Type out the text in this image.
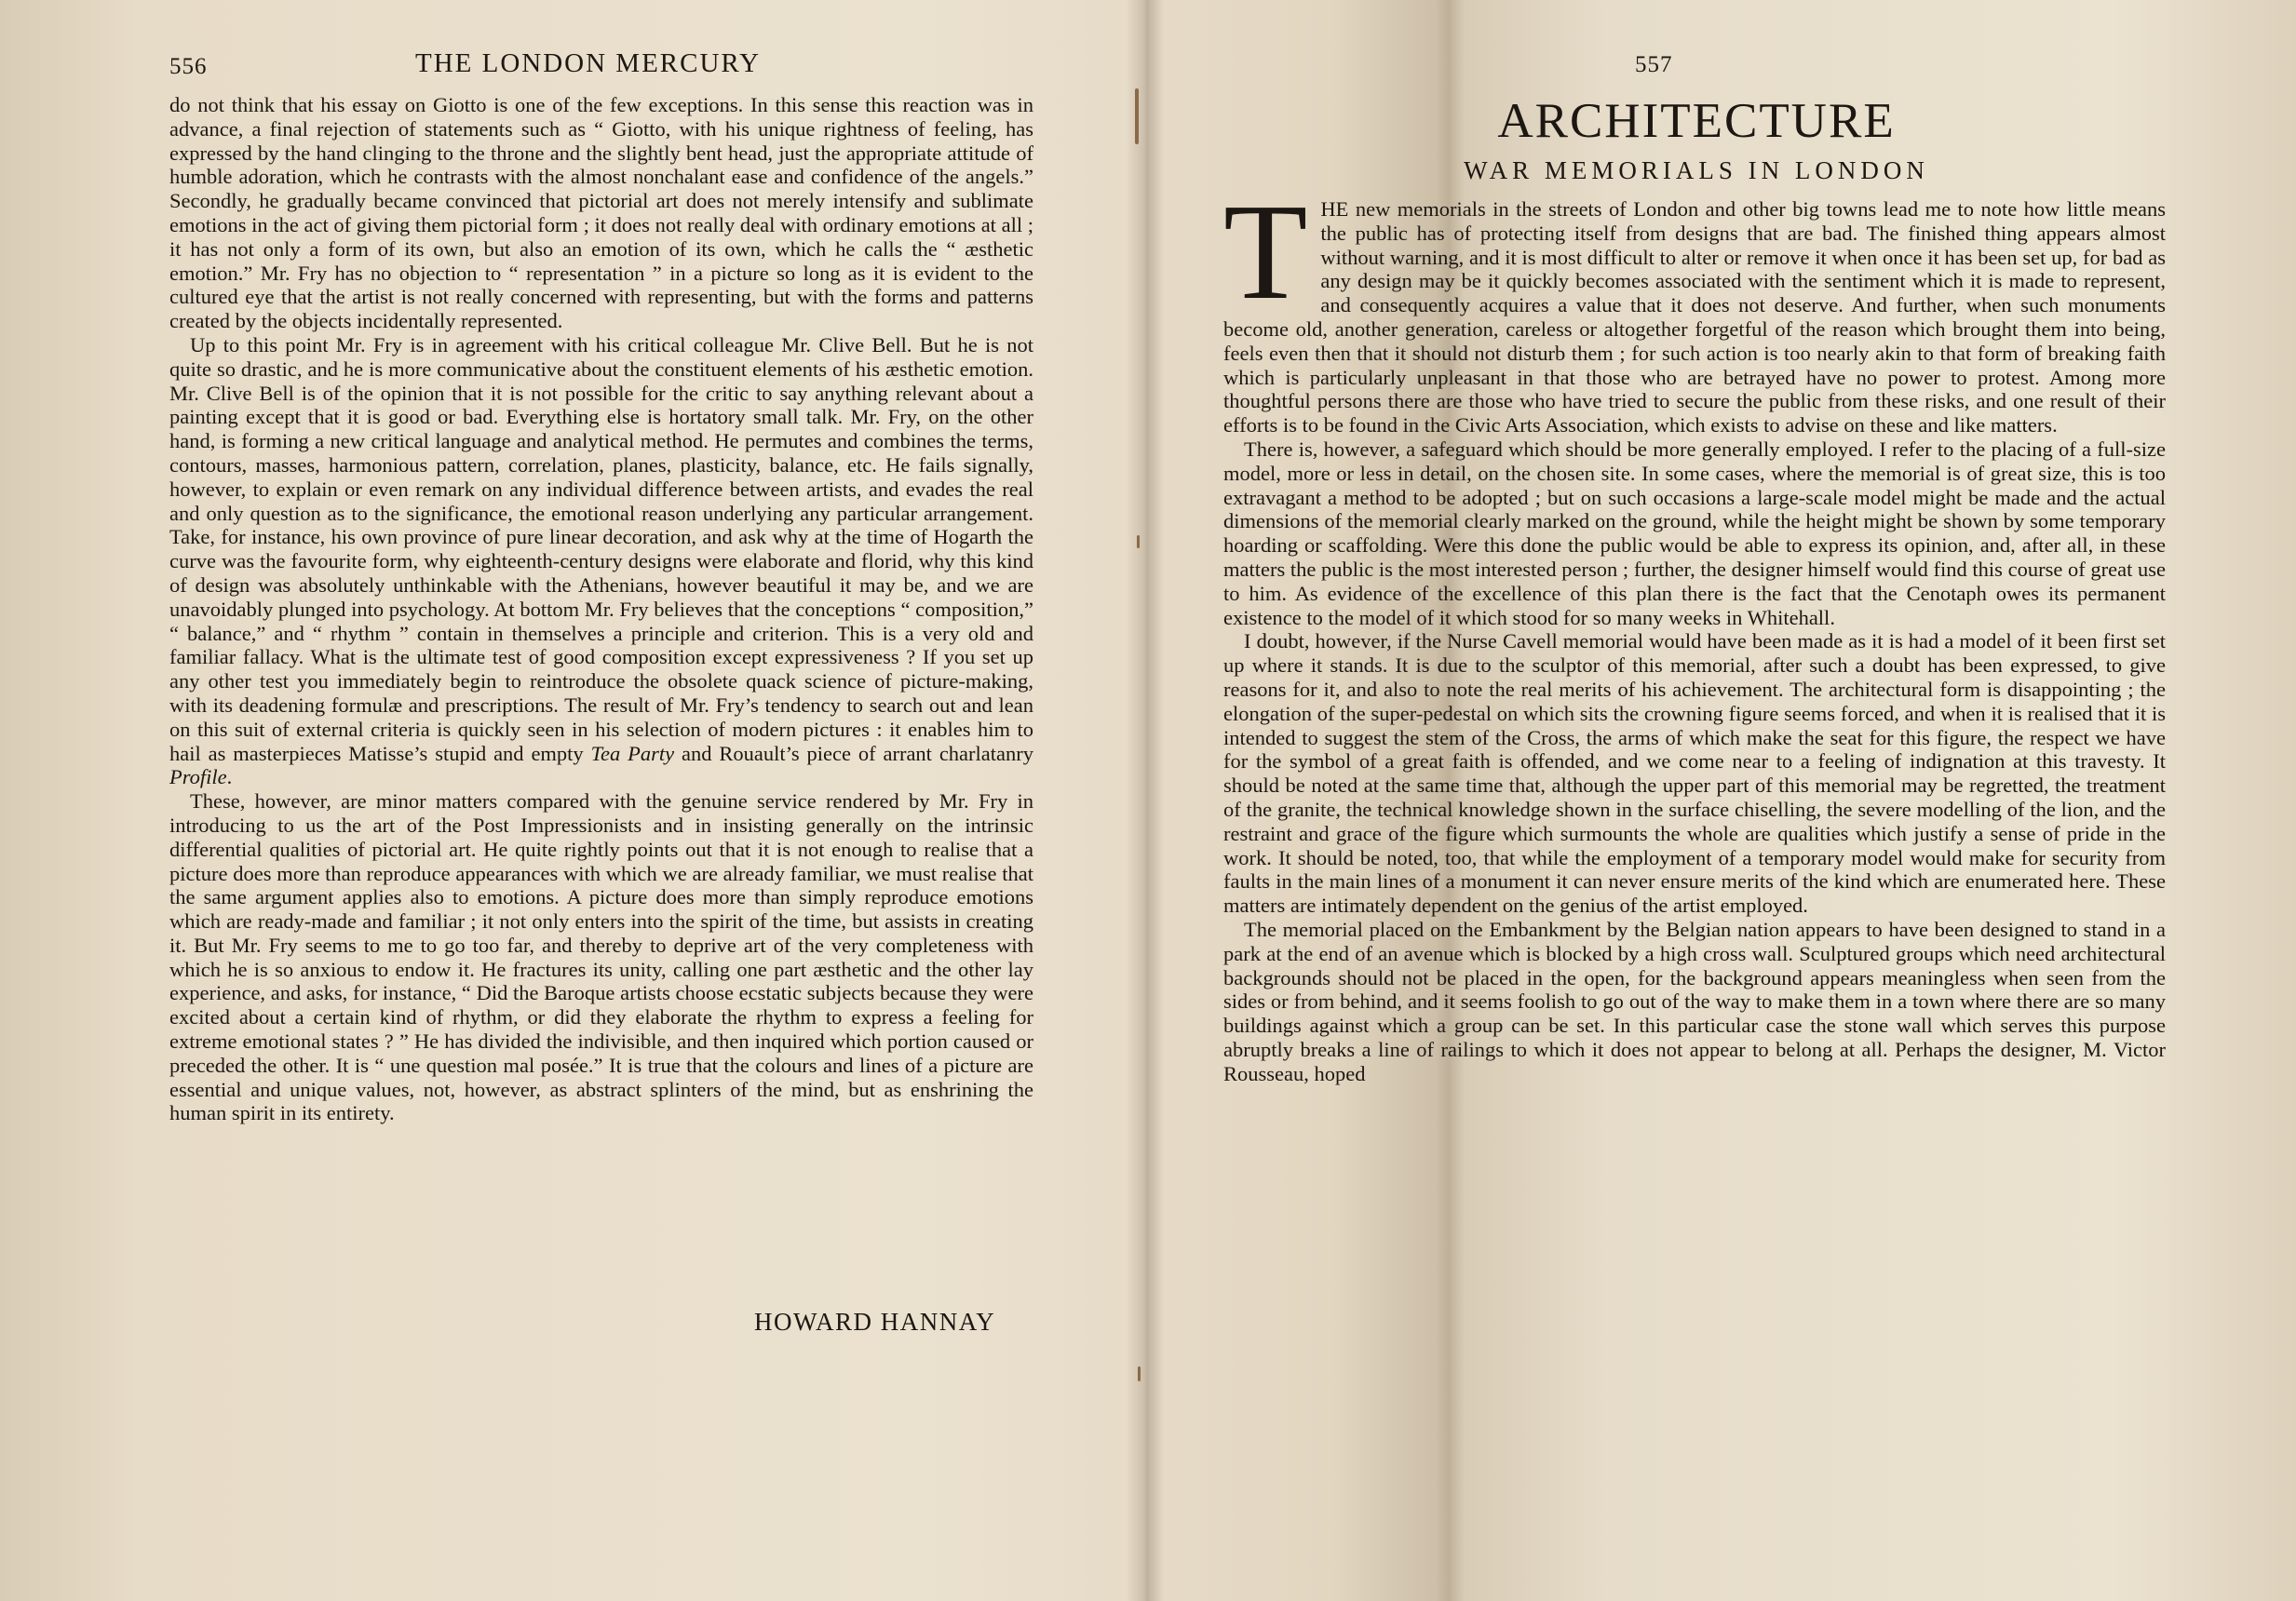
556	THE LONDON MERCURY

do not think that his essay on Giotto is one of the few exceptions. In this sense this reaction was in advance, a final rejection of statements such as “ Giotto, with his unique rightness of feeling, has expressed by the hand clinging to the throne and the slightly bent head, just the appropriate attitude of humble adoration, which he contrasts with the almost nonchalant ease and confidence of the angels.” Secondly, he gradually became convinced that pictorial art does not merely intensify and sublimate emotions in the act of giving them pictorial form ; it does not really deal with ordinary emotions at all ; it has not only a form of its own, but also an emotion of its own, which he calls the “ æsthetic emotion.” Mr. Fry has no objection to “ representation ” in a picture so long as it is evident to the cultured eye that the artist is not really concerned with representing, but with the forms and patterns created by the objects incidentally represented.

Up to this point Mr. Fry is in agreement with his critical colleague Mr. Clive Bell. But he is not quite so drastic, and he is more communicative about the constituent elements of his æsthetic emotion. Mr. Clive Bell is of the opinion that it is not possible for the critic to say anything relevant about a painting except that it is good or bad. Everything else is hortatory small talk. Mr. Fry, on the other hand, is forming a new critical language and analytical method. He permutes and combines the terms, contours, masses, harmonious pattern, correlation, planes, plasticity, balance, etc. He fails signally, however, to explain or even remark on any individual difference between artists, and evades the real and only question as to the significance, the emotional reason underlying any particular arrangement. Take, for instance, his own province of pure linear decoration, and ask why at the time of Hogarth the curve was the favourite form, why eighteenth-century designs were elaborate and florid, why this kind of design was absolutely unthinkable with the Athenians, however beautiful it may be, and we are unavoidably plunged into psychology. At bottom Mr. Fry believes that the conceptions “ composition,” “ balance,” and “ rhythm ” contain in themselves a principle and criterion. This is a very old and familiar fallacy. What is the ultimate test of good composition except expressiveness ? If you set up any other test you immediately begin to reintroduce the obsolete quack science of picture-making, with its deadening formulæ and prescriptions. The result of Mr. Fry’s tendency to search out and lean on this suit of external criteria is quickly seen in his selection of modern pictures : it enables him to hail as masterpieces Matisse’s stupid and empty Tea Party and Rouault’s piece of arrant charlatanry Profile.

These, however, are minor matters compared with the genuine service rendered by Mr. Fry in introducing to us the art of the Post Impressionists and in insisting generally on the intrinsic differential qualities of pictorial art. He quite rightly points out that it is not enough to realise that a picture does more than reproduce appearances with which we are already familiar, we must realise that the same argument applies also to emotions. A picture does more than simply reproduce emotions which are ready-made and familiar ; it not only enters into the spirit of the time, but assists in creating it. But Mr. Fry seems to me to go too far, and thereby to deprive art of the very completeness with which he is so anxious to endow it. He fractures its unity, calling one part æsthetic and the other lay experience, and asks, for instance, “ Did the Baroque artists choose ecstatic subjects because they were excited about a certain kind of rhythm, or did they elaborate the rhythm to express a feeling for extreme emotional states ? ” He has divided the indivisible, and then inquired which portion caused or preceded the other. It is “ une question mal posée.” It is true that the colours and lines of a picture are essential and unique values, not, however, as abstract splinters of the mind, but as enshrining the human spirit in its entirety.

HOWARD HANNAY
557
ARCHITECTURE
WAR MEMORIALS IN LONDON

THE new memorials in the streets of London and other big towns lead me to note how little means the public has of protecting itself from designs that are bad. The finished thing appears almost without warning, and it is most difficult to alter or remove it when once it has been set up, for bad as any design may be it quickly becomes associated with the sentiment which it is made to represent, and consequently acquires a value that it does not deserve. And further, when such monuments become old, another generation, careless or altogether forgetful of the reason which brought them into being, feels even then that it should not disturb them ; for such action is too nearly akin to that form of breaking faith which is particularly unpleasant in that those who are betrayed have no power to protest. Among more thoughtful persons there are those who have tried to secure the public from these risks, and one result of their efforts is to be found in the Civic Arts Association, which exists to advise on these and like matters.

There is, however, a safeguard which should be more generally employed. I refer to the placing of a full-size model, more or less in detail, on the chosen site. In some cases, where the memorial is of great size, this is too extravagant a method to be adopted ; but on such occasions a large-scale model might be made and the actual dimensions of the memorial clearly marked on the ground, while the height might be shown by some temporary hoarding or scaffolding. Were this done the public would be able to express its opinion, and, after all, in these matters the public is the most interested person ; further, the designer himself would find this course of great use to him. As evidence of the excellence of this plan there is the fact that the Cenotaph owes its permanent existence to the model of it which stood for so many weeks in Whitehall.

I doubt, however, if the Nurse Cavell memorial would have been made as it is had a model of it been first set up where it stands. It is due to the sculptor of this memorial, after such a doubt has been expressed, to give reasons for it, and also to note the real merits of his achievement. The architectural form is disappointing ; the elongation of the super-pedestal on which sits the crowning figure seems forced, and when it is realised that it is intended to suggest the stem of the Cross, the arms of which make the seat for this figure, the respect we have for the symbol of a great faith is offended, and we come near to a feeling of indignation at this travesty. It should be noted at the same time that, although the upper part of this memorial may be regretted, the treatment of the granite, the technical knowledge shown in the surface chiselling, the severe modelling of the lion, and the restraint and grace of the figure which surmounts the whole are qualities which justify a sense of pride in the work. It should be noted, too, that while the employment of a temporary model would make for security from faults in the main lines of a monument it can never ensure merits of the kind which are enumerated here. These matters are intimately dependent on the genius of the artist employed.

The memorial placed on the Embankment by the Belgian nation appears to have been designed to stand in a park at the end of an avenue which is blocked by a high cross wall. Sculptured groups which need architectural backgrounds should not be placed in the open, for the background appears meaningless when seen from the sides or from behind, and it seems foolish to go out of the way to make them in a town where there are so many buildings against which a group can be set. In this particular case the stone wall which serves this purpose abruptly breaks a line of railings to which it does not appear to belong at all. Perhaps the designer, M. Victor Rousseau, hoped
